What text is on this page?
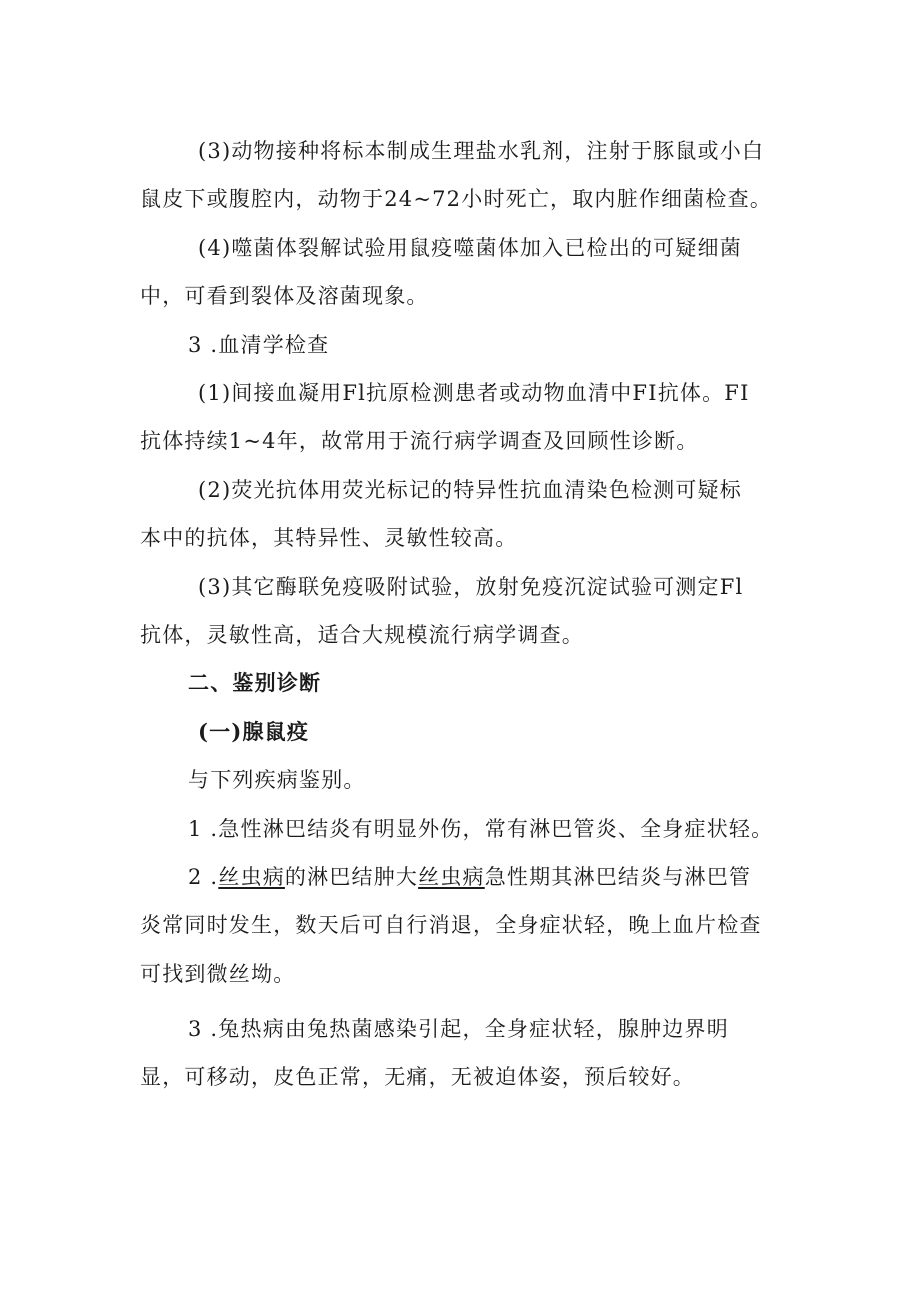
(3)动物接种将标本制成生理盐水乳剂，注射于豚鼠或小白
鼠皮下或腹腔内，动物于24~72小时死亡，取内脏作细菌检查。
(4)噬菌体裂解试验用鼠疫噬菌体加入已检出的可疑细菌
中，可看到裂体及溶菌现象。
3 .血清学检查
(1)间接血凝用Fl抗原检测患者或动物血清中FI抗体。FI
抗体持续1~4年，故常用于流行病学调查及回顾性诊断。
(2)荧光抗体用荧光标记的特异性抗血清染色检测可疑标
本中的抗体，其特异性、灵敏性较高。
(3)其它酶联免疫吸附试验，放射免疫沉淀试验可测定Fl
抗体，灵敏性高，适合大规模流行病学调查。
二、鉴别诊断
(一)腺鼠疫
与下列疾病鉴别。
1 .急性淋巴结炎有明显外伤，常有淋巴管炎、全身症状轻。
2 .丝虫病的淋巴结肿大丝虫病急性期其淋巴结炎与淋巴管
炎常同时发生，数天后可自行消退，全身症状轻，晚上血片检查
可找到微丝坳。
3 .兔热病由兔热菌感染引起，全身症状轻，腺肿边界明
显，可移动，皮色正常，无痛，无被迫体姿，预后较好。
